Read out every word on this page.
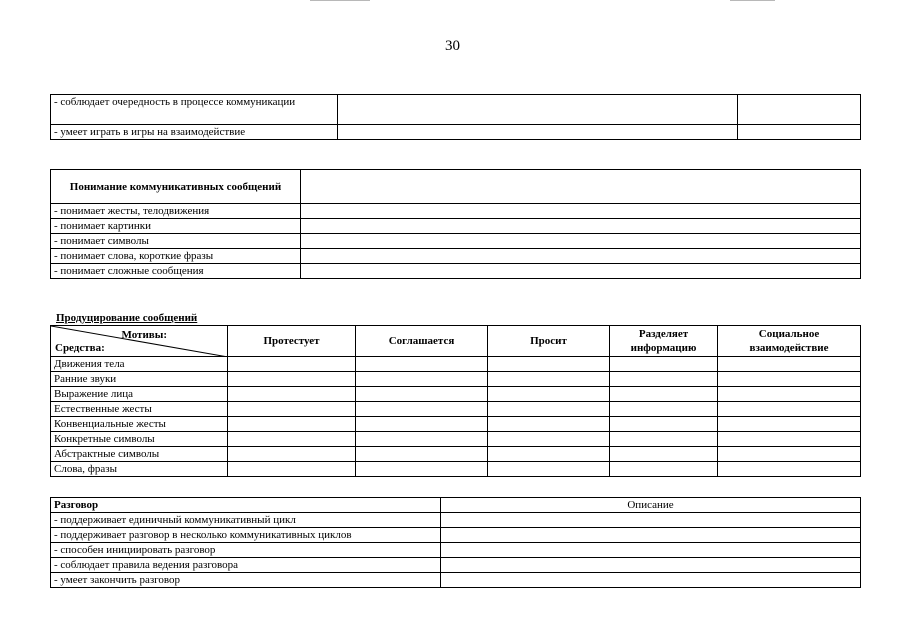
30
- соблюдает очередность в процессе коммуникации		
- умеет играть в игры на взаимодействие		
Понимание коммуникативных сообщений	
- понимает жесты, телодвижения	
- понимает картинки	
- понимает символы	
- понимает слова, короткие фразы	
- понимает сложные сообщения	
Продуцирование сообщений
Мотивы:
Средства:	Протестует	Соглашается	Просит	Разделяет информацию	Социальное взаимодействие
Движения тела					
Ранние звуки					
Выражение лица					
Естественные жесты					
Конвенциальные жесты					
Конкретные символы					
Абстрактные символы					
Слова, фразы					
Разговор	Описание
- поддерживает единичный коммуникативный цикл	
- поддерживает разговор в несколько коммуникативных циклов	
- способен инициировать разговор	
- соблюдает правила ведения разговора	
- умеет закончить разговор	
